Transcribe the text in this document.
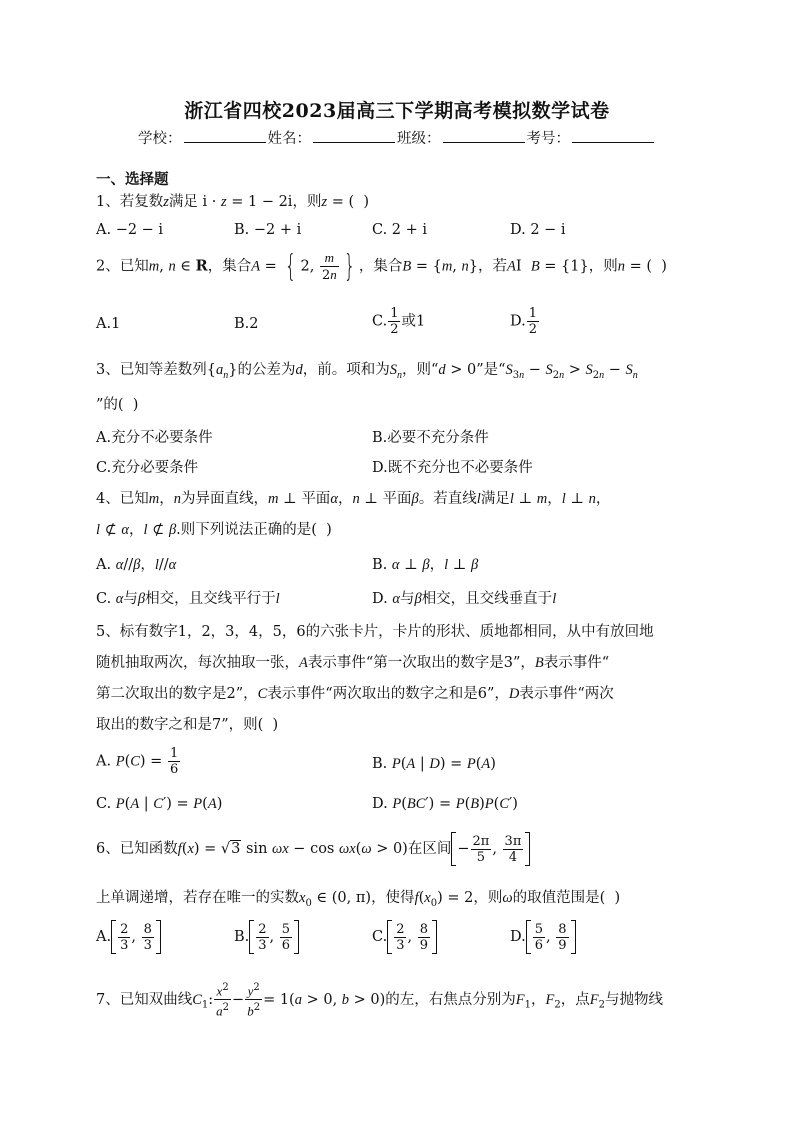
浙江省四校2023届高三下学期高考模拟数学试卷
学校：	姓名：	班级：	考号：
一、选择题
1、若复数z满足 i · z = 1 − 2i，则z = (  )
A. −2 − i	B. −2 + i	C. 2 + i	D. 2 − i
2、已知m, n ∈ R，集合A = { 2, $\frac{m}{2n}$ } ，集合B = {m, n}，若AI  B = {1}，则n = (  )
A.1	B.2	C. $\frac{1}{2}$ 或1	D. $\frac{1}{2}$
3、已知等差数列$\{a_n\}$的公差为d，前。项和为$S_n$，则“d > 0”是“$S_{3n} - S_{2n} > S_{2n} - S_n$
”的(  )
A.充分不必要条件	B.必要不充分条件
C.充分必要条件	D.既不充分也不必要条件
4、已知m，n为异面直线，m ⊥ 平面α，n ⊥ 平面β。若直线l满足l ⊥ m，l ⊥ n，
l ⊄ α，l ⊄ β.则下列说法正确的是(  )
A. α//β，l//α	B. α ⊥ β，l ⊥ β
C. α与β相交，且交线平行于l	D. α与β相交，且交线垂直于l
5、标有数字1，2，3，4，5，6的六张卡片，卡片的形状、质地都相同，从中有放回地
随机抽取两次，每次抽取一张，A表示事件“第一次取出的数字是3”，B表示事件“
第二次取出的数字是2”，C表示事件“两次取出的数字之和是6”，D表示事件“两次
取出的数字之和是7”，则(  )
A. $P(C) = \frac{1}{6}$	B. P(A | D) = P(A)
C. P(A | C′) = P(A)	D. P(BC′) = P(B)P(C′)
6、已知函数f(x) = √3 sin ωx − cos ωx(ω > 0)在区间 − $\frac{2\pi}{5}$ , $\frac{3\pi}{4}$
上单调递增，若存在唯一的实数$x_0$ ∈ (0, π)，使得$f(x_0) = 2$，则ω的取值范围是(  )
A. $\frac{2}{3}$ , $\frac{8}{3}$	B. $\frac{2}{3}$ , $\frac{5}{6}$	C. $\frac{2}{3}$ , $\frac{8}{9}$	D. $\frac{5}{6}$ , $\frac{8}{9}$
7、已知双曲线$C_1$: $\frac{x^2}{a^2} - \frac{y^2}{b^2} = 1(a > 0$, b > 0)的左，右焦点分别为$F_1$，$F_2$，点$F_2$与抛物线
